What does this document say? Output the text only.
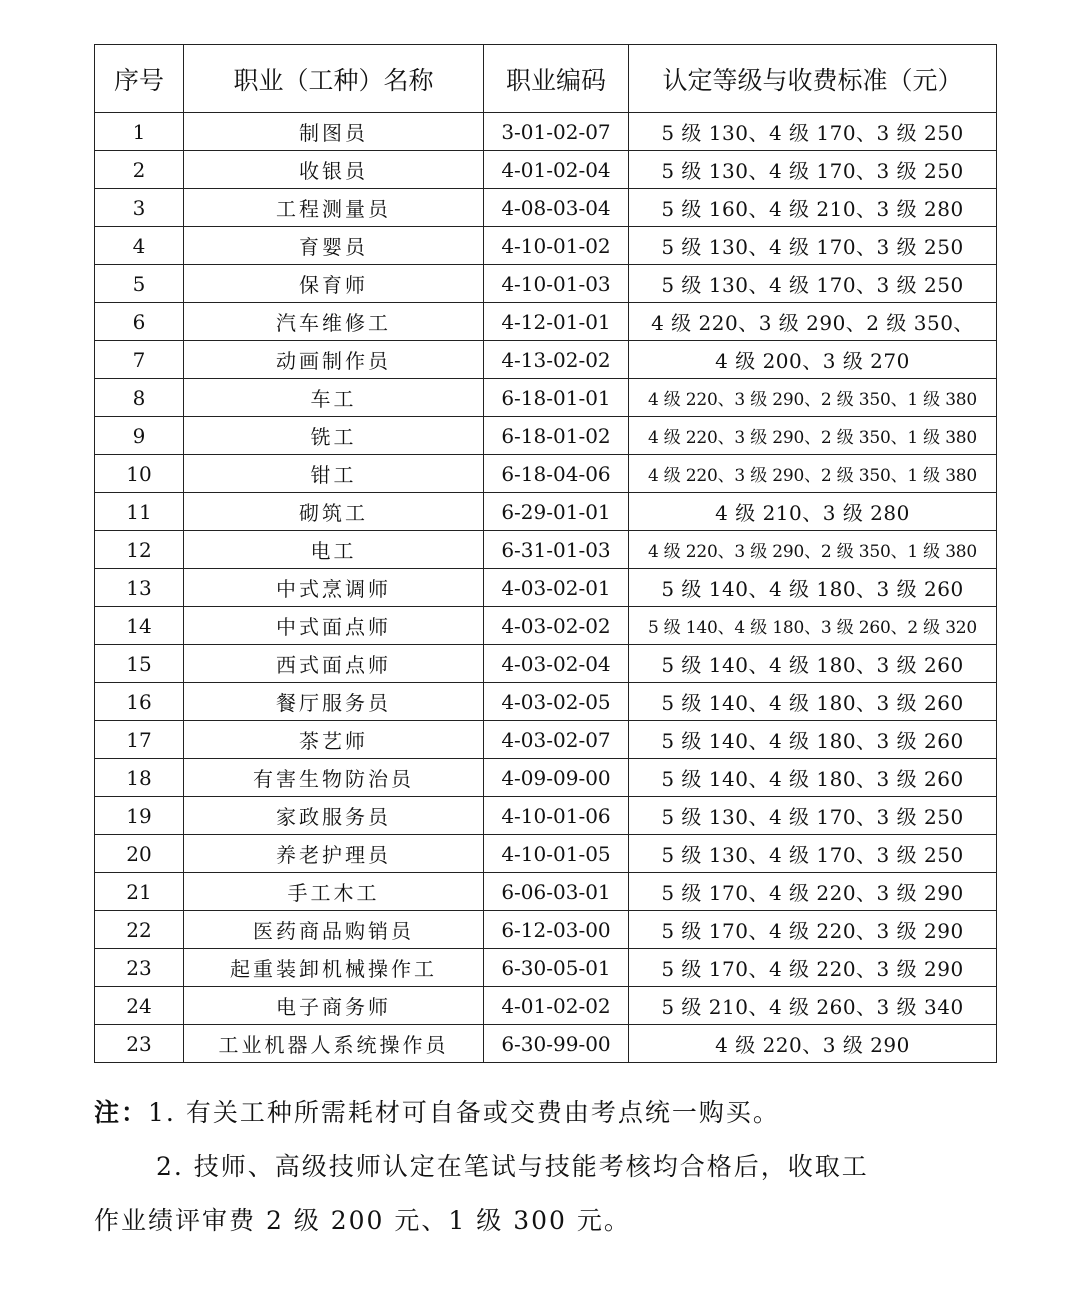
序号	职业（工种）名称	职业编码	认定等级与收费标准（元）
1	制图员	3-01-02-07	5 级 130、4 级 170、3 级 250
2	收银员	4-01-02-04	5 级 130、4 级 170、3 级 250
3	工程测量员	4-08-03-04	5 级 160、4 级 210、3 级 280
4	育婴员	4-10-01-02	5 级 130、4 级 170、3 级 250
5	保育师	4-10-01-03	5 级 130、4 级 170、3 级 250
6	汽车维修工	4-12-01-01	4 级 220、3 级 290、2 级 350、
7	动画制作员	4-13-02-02	4 级 200、3 级 270
8	车工	6-18-01-01	4 级 220、3 级 290、2 级 350、1 级 380
9	铣工	6-18-01-02	4 级 220、3 级 290、2 级 350、1 级 380
10	钳工	6-18-04-06	4 级 220、3 级 290、2 级 350、1 级 380
11	砌筑工	6-29-01-01	4 级 210、3 级 280
12	电工	6-31-01-03	4 级 220、3 级 290、2 级 350、1 级 380
13	中式烹调师	4-03-02-01	5 级 140、4 级 180、3 级 260
14	中式面点师	4-03-02-02	5 级 140、4 级 180、3 级 260、2 级 320
15	西式面点师	4-03-02-04	5 级 140、4 级 180、3 级 260
16	餐厅服务员	4-03-02-05	5 级 140、4 级 180、3 级 260
17	茶艺师	4-03-02-07	5 级 140、4 级 180、3 级 260
18	有害生物防治员	4-09-09-00	5 级 140、4 级 180、3 级 260
19	家政服务员	4-10-01-06	5 级 130、4 级 170、3 级 250
20	养老护理员	4-10-01-05	5 级 130、4 级 170、3 级 250
21	手工木工	6-06-03-01	5 级 170、4 级 220、3 级 290
22	医药商品购销员	6-12-03-00	5 级 170、4 级 220、3 级 290
23	起重装卸机械操作工	6-30-05-01	5 级 170、4 级 220、3 级 290
24	电子商务师	4-01-02-02	5 级 210、4 级 260、3 级 340
23	工业机器人系统操作员	6-30-99-00	4 级 220、3 级 290
注：1. 有关工种所需耗材可自备或交费由考点统一购买。
2. 技师、高级技师认定在笔试与技能考核均合格后，收取工
作业绩评审费 2 级 200 元、1 级 300 元。
